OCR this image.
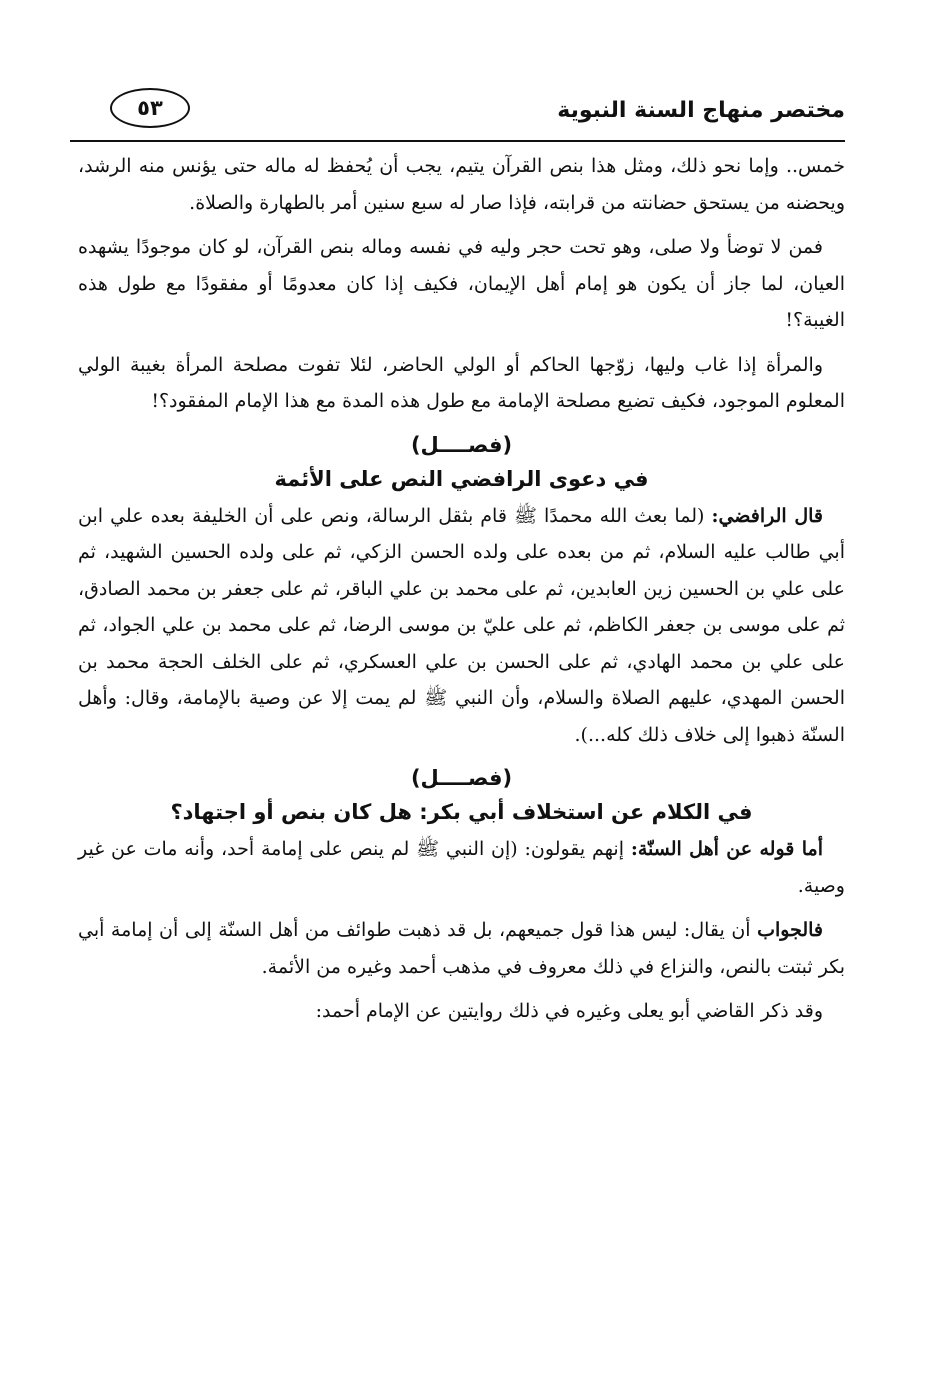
مختصر منهاج السنة النبوية
٥٣

خمس.. وإما نحو ذلك، ومثل هذا بنص القرآن يتيم، يجب أن يُحفظ له ماله حتى يؤنس منه الرشد، ويحضنه من يستحق حضانته من قرابته، فإذا صار له سبع سنين أمر بالطهارة والصلاة.

فمن لا توضأ ولا صلى، وهو تحت حجر وليه في نفسه وماله بنص القرآن، لو كان موجودًا يشهده العيان، لما جاز أن يكون هو إمام أهل الإيمان، فكيف إذا كان معدومًا أو مفقودًا مع طول هذه الغيبة؟!

والمرأة إذا غاب وليها، زوّجها الحاكم أو الولي الحاضر، لئلا تفوت مصلحة المرأة بغيبة الولي المعلوم الموجود، فكيف تضيع مصلحة الإمامة مع طول هذه المدة مع هذا الإمام المفقود؟!

(فصــــل)
في دعوى الرافضي النص على الأئمة

قال الرافضي: (لما بعث الله محمدًا ﷺ قام بثقل الرسالة، ونص على أن الخليفة بعده علي ابن أبي طالب عليه السلام، ثم من بعده على ولده الحسن الزكي، ثم على ولده الحسين الشهيد، ثم على علي بن الحسين زين العابدين، ثم على محمد بن علي الباقر، ثم على جعفر بن محمد الصادق، ثم على موسى بن جعفر الكاظم، ثم على عليّ بن موسى الرضا، ثم على محمد بن علي الجواد، ثم على علي بن محمد الهادي، ثم على الحسن بن علي العسكري، ثم على الخلف الحجة محمد بن الحسن المهدي، عليهم الصلاة والسلام، وأن النبي ﷺ لم يمت إلا عن وصية بالإمامة، وقال: وأهل السنّة ذهبوا إلى خلاف ذلك كله...).

(فصــــل)
في الكلام عن استخلاف أبي بكر: هل كان بنص أو اجتهاد؟

أما قوله عن أهل السنّة: إنهم يقولون: (إن النبي ﷺ لم ينص على إمامة أحد، وأنه مات عن غير وصية.

فالجواب أن يقال: ليس هذا قول جميعهم، بل قد ذهبت طوائف من أهل السنّة إلى أن إمامة أبي بكر ثبتت بالنص، والنزاع في ذلك معروف في مذهب أحمد وغيره من الأئمة.

وقد ذكر القاضي أبو يعلى وغيره في ذلك روايتين عن الإمام أحمد:
